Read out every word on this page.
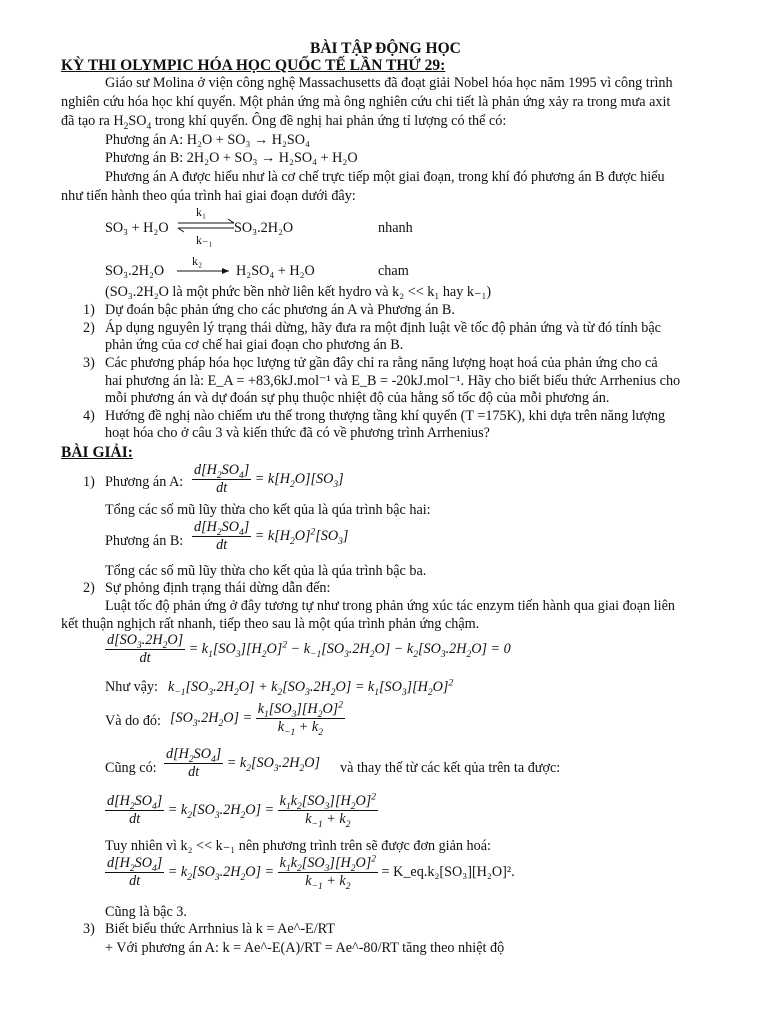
BÀI TẬP ĐỘNG HỌC
KỲ THI OLYMPIC HÓA HỌC QUỐC TẾ LẦN THỨ 29:
Giáo sư Molina ở viện công nghệ Massachusetts đã đoạt giải Nobel hóa học năm 1995 vì công trình
nghiên cứu hóa học khí quyển. Một phản ứng mà ông nghiên cứu chi tiết là phản ứng xảy ra trong mưa axit
đã tạo ra $H_2SO_4$ trong khí quyển. Ông đề nghị hai phản ứng tỉ lượng có thể có:
Phương án A: H₂O + SO₃ → H₂SO₄
Phương án B: 2H₂O + SO₃ → H₂SO₄ + H₂O
Phương án A được hiểu như là cơ chế trực tiếp một giai đoạn, trong khí đó phương án B được hiểu
như tiến hành theo qúa trình hai giai đoạn dưới đây:
SO₃ + H₂O
k₁
k₋₁
SO₃.2H₂O	nhanh
SO₃.2H₂O
k₂
H₂SO₄ + H₂O	cham
(SO₃.2H₂O là một phức bền nhờ liên kết hydro và k₂ << k₁ hay k₋₁)
1) Dự đoán bậc phản ứng cho các phương án A và Phương án B.
2) Áp dụng nguyên lý trạng thái dừng, hãy đưa ra một định luật về tốc độ phản ứng và từ đó tính bậc
phản ứng của cơ chế hai giai đoạn cho phương án B.
3) Các phương pháp hóa học lượng tử gần đây chỉ ra rằng năng lượng hoạt hoá của phản ứng cho cả
hai phương án là: E_A = +83,6kJ.mol⁻¹ và E_B = -20kJ.mol⁻¹. Hãy cho biết biểu thức Arrhenius cho
mỗi phương án và dự đoán sự phụ thuộc nhiệt độ của hằng số tốc độ của mỗi phương án.
4) Hướng đề nghị nào chiếm ưu thế trong thượng tầng khí quyển (T =175K), khi dựa trên năng lượng
hoạt hóa cho ở câu 3 và kiến thức đã có về phương trình Arrhenius?
BÀI GIẢI:
1) Phương án A: $\frac{d[H_2SO_4]}{dt} = k[H_2O][SO_3]$
Tổng các số mũ lũy thừa cho kết qủa là qúa trình bậc hai:
Phương án B: $\frac{d[H_2SO_4]}{dt} = k[H_2O]^2[SO_3]$
Tổng các số mũ lũy thừa cho kết qủa là qúa trình bậc ba.
2) Sự phỏng định trạng thái dừng dẫn đến:
Luật tốc độ phản ứng ở đây tương tự như trong phản ứng xúc tác enzym tiến hành qua giai đoạn liên
kết thuận nghịch rất nhanh, tiếp theo sau là một qúa trình phản ứng chậm.
$\frac{d[SO_3.2H_2O]}{dt} = k_1[SO_3][H_2O]^2 - k_{-1}[SO_3.2H_2O] - k_2[SO_3.2H_2O] = 0$
Như vậy: $k_{-1}[SO_3.2H_2O] + k_2[SO_3.2H_2O] = k_1[SO_3][H_2O]^2$
Và do đó: $[SO_3.2H_2O] = \frac{k_1[SO_3][H_2O]^2}{k_{-1} + k_2}$
Cũng có: $\frac{d[H_2SO_4]}{dt} = k_2[SO_3.2H_2O]$ và thay thế từ các kết qủa trên ta được:
$\frac{d[H_2SO_4]}{dt} = k_2[SO_3.2H_2O] = \frac{k_1k_2[SO_3][H_2O]^2}{k_{-1} + k_2}$
Tuy nhiên vì k₂ << k₋₁ nên phương trình trên sẽ được đơn giản hoá:
$\frac{d[H_2SO_4]}{dt} = k_2[SO_3.2H_2O] = \frac{k_1k_2[SO_3][H_2O]^2}{k_{-1} + k_2}$ = K_eq.k₂[SO₃][H₂O]².
Cũng là bậc 3.
3) Biết biểu thức Arrhnius là k = Ae^-E/RT
+ Với phương án A: k = Ae^-E(A)/RT = Ae^-80/RT tăng theo nhiệt độ
